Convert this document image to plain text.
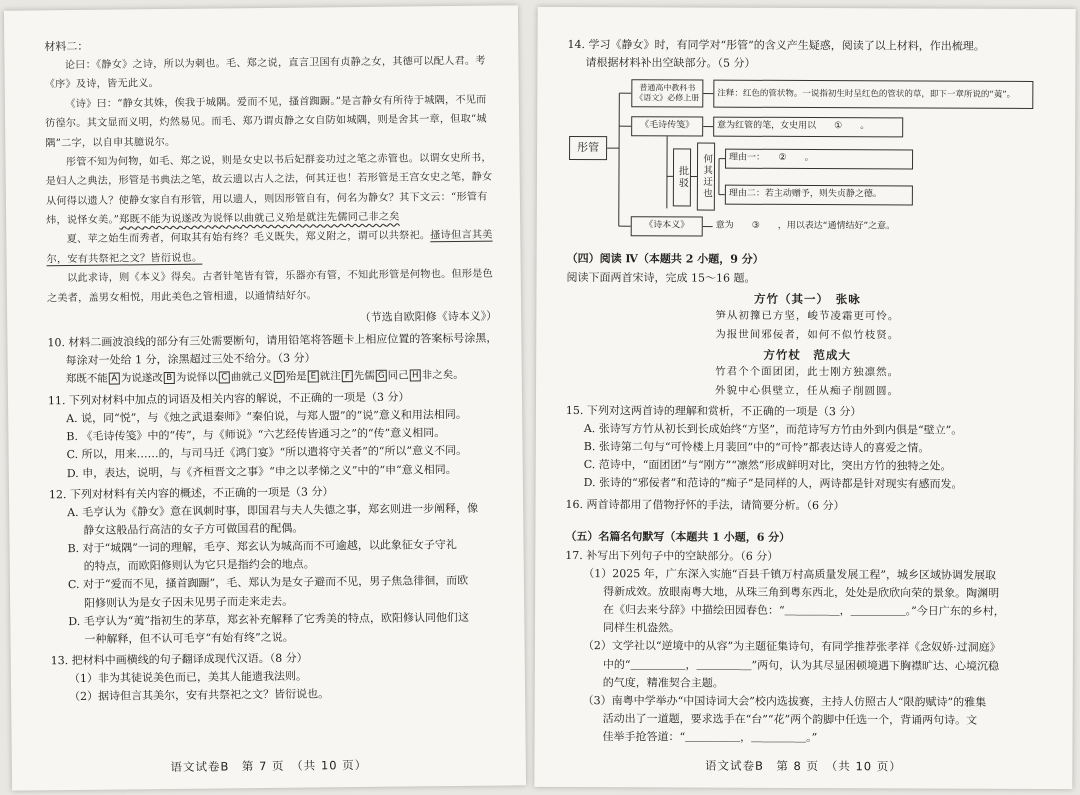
材料二：

论曰：《静女》之诗，所以为刺也。毛、郑之说，直言卫国有贞静之女，其德可以配人君。考《序》及诗，皆无此义。

《诗》曰：“静女其姝，俟我于城隅。爱而不见，搔首踟蹰。”是言静女有所待于城隅，不见而彷徨尔。其文显而义明，灼然易见。而毛、郑乃谓贞静之女自防如城隅，则是舍其一章，但取“城隅”二字，以自申其臆说尔。

彤管不知为何物，如毛、郑之说，则是女史以书后妃群妾功过之笔之赤管也。以谓女史所书，是妇人之典法，形管是书典法之笔，故云遗以古人之法，何其迂也！若形管是王宫女史之笔，静女从何得以遗人？使静女家自有形管，用以遗人，则因形管自有，何名为静女？其下文云：“形管有炜，说怿女美。”郑既不能为说遂改为说怿以曲就己义殆是就注先儒同己非之矣

夏、苹之始生而秀者，何取其有始有终？毛义既失，郑义附之，谓可以共祭祀。搔诗但言其美尔，安有共祭祀之文？皆衍说也。

以此求诗，则《本义》得矣。古者针笔皆有管，乐器亦有管，不知此形管是何物也。但形是色之美者，盖男女相悦，用此美色之管相遗，以通情结好尔。

（节选自欧阳修《诗本义》）
10. 材料二画波浪线的部分有三处需要断句，请用铅笔将答题卡上相应位置的答案标号涂黑，
每涂对一处给 1 分，涂黑超过三处不给分。（3 分）
郑既不能 A 为说遂改 B 为说怿以 C 曲就己义 D 殆是 E 就注 F 先儒 G 同己 H 非之矣。
11. 下列对材料中加点的词语及相关内容的解说，不正确的一项是（3 分）
A. 说，同“悦”，与《烛之武退秦师》“秦伯说，与郑人盟”的“说”意义和用法相同。
B. 《毛诗传笺》中的“传”，与《师说》“六艺经传皆通习之”的“传”意义相同。
C. 所以，用来……的，与司马迁《鸿门宴》“所以遣将守关者”的“所以”意义不同。
D. 申，表达，说明，与《齐桓晋文之事》“申之以孝悌之义”中的“申”意义相同。
12. 下列对材料有关内容的概述，不正确的一项是（3 分）
A. 毛亨认为《静女》意在讽刺时事，即国君与夫人失德之事，郑玄则进一步阐释，像
静女这般品行高洁的女子方可做国君的配偶。
B. 对于“城隅”一词的理解，毛亨、郑玄认为城高而不可逾越，以此象征女子守礼
的特点，而欧阳修则认为它只是指约会的地点。
C. 对于“爱而不见，搔首踟蹰”，毛、郑认为是女子避而不见，男子焦急徘徊，而欧
阳修则认为是女子因未见男子而走来走去。
D. 毛亨认为“荑”指初生的茅草，郑玄补充解释了它秀美的特点，欧阳修认同他们这
一种解释，但不认可毛亨“有始有终”之说。
13. 把材料中画横线的句子翻译成现代汉语。（8 分）
（1）非为其徒说美色而已，美其人能遗我法则。
（2）据诗但言其美尔，安有共祭祀之文？皆衍说也。
语文试卷B　第 7 页　（共 10 页）
14. 学习《静女》时，有同学对“彤管”的含义产生疑惑，阅读了以上材料，作出梳理。
请根据材料补出空缺部分。（5 分）
彤管
普通高中教科书《语文》必修上册	注释：红色的管状物。一说指初生时呈红色的管状的草，即下一章所说的“荑”。
《毛诗传笺》	意为红管的笔，女史用以　　①　　。
批驳	何其迂也	理由一：　　②　　。
理由二：若主动赠予，则失贞静之德。
《诗本义》	意为　　③　　，用以表达“通情结好”之意。
（四）阅读 Ⅳ（本题共 2 小题，9 分）
阅读下面两首宋诗，完成 15～16 题。
方竹（其一）　张咏
笋从初籜已方坚，峻节凌霜更可怜。
为报世间邪佞者，如何不似竹枝贤。
方竹杖　范成大
竹君个个面团团，此士刚方独凛然。
外貌中心俱壁立，任从痴子削圆圆。
15. 下列对这两首诗的理解和赏析，不正确的一项是（3 分）
A. 张诗写方竹从初长到长成始终“方坚”，而范诗写方竹由外到内俱是“壁立”。
B. 张诗第二句与“可怜楼上月裴回”中的“可怜”都表达诗人的喜爱之情。
C. 范诗中，“面团团”与“刚方”“凛然”形成鲜明对比，突出方竹的独特之处。
D. 张诗的“邪佞者”和范诗的“痴子”是同样的人，两诗都是针对现实有感而发。
16. 两首诗都用了借物抒怀的手法，请简要分析。（6 分）
（五）名篇名句默写（本题共 1 小题，6 分）
17. 补写出下列句子中的空缺部分。（6 分）
（1）2025 年，广东深入实施“百县千镇万村高质量发展工程”，城乡区域协调发展取
得新成效。放眼南粤大地，从珠三角到粤东西北，处处是欣欣向荣的景象。陶渊明
在《归去来兮辞》中描绘田园春色：“＿＿＿＿＿，＿＿＿＿＿。”今日广东的乡村，
同样生机盎然。
（2）文学社以“逆境中的从容”为主题征集诗句，有同学推荐张孝祥《念奴娇·过洞庭》
中的“＿＿＿＿＿，＿＿＿＿＿”两句，认为其尽显困顿境遇下胸襟旷达、心境沉稳
的气度，精准契合主题。
（3）南粤中学举办“中国诗词大会”校内选拔赛，主持人仿照古人“限韵赋诗”的雅集
活动出了一道题，要求选手在“台”“花”两个韵脚中任选一个，背诵两句诗。文
佳举手抢答道：“＿＿＿＿＿，＿＿＿＿＿。”
语文试卷B　第 8 页　（共 10 页）
